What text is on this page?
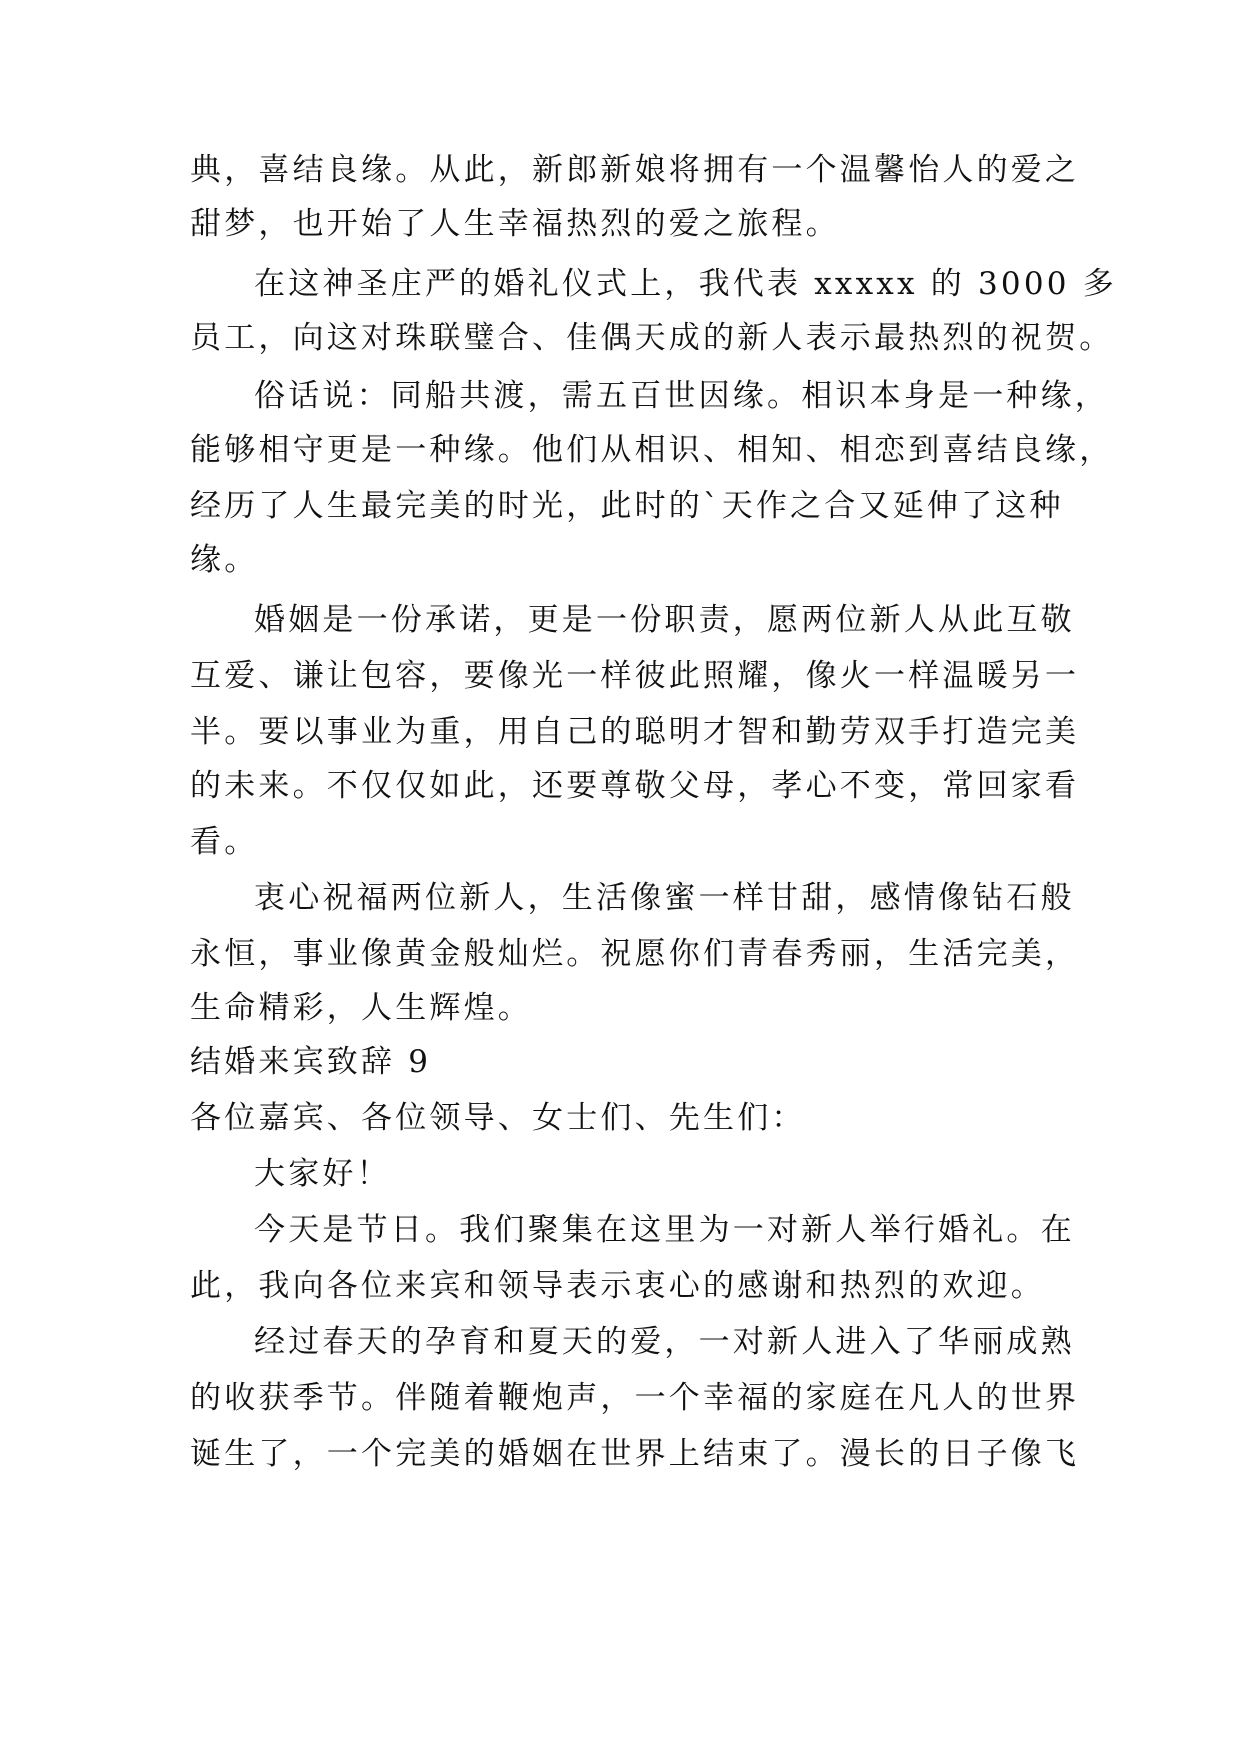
典，喜结良缘。从此，新郎新娘将拥有一个温馨怡人的爱之
甜梦，也开始了人生幸福热烈的爱之旅程。
在这神圣庄严的婚礼仪式上，我代表 xxxxx 的 3000 多
员工，向这对珠联璧合、佳偶天成的新人表示最热烈的祝贺。
俗话说：同船共渡，需五百世因缘。相识本身是一种缘，
能够相守更是一种缘。他们从相识、相知、相恋到喜结良缘，
经历了人生最完美的时光，此时的`天作之合又延伸了这种
缘。
婚姻是一份承诺，更是一份职责，愿两位新人从此互敬
互爱、谦让包容，要像光一样彼此照耀，像火一样温暖另一
半。要以事业为重，用自己的聪明才智和勤劳双手打造完美
的未来。不仅仅如此，还要尊敬父母，孝心不变，常回家看
看。
衷心祝福两位新人，生活像蜜一样甘甜，感情像钻石般
永恒，事业像黄金般灿烂。祝愿你们青春秀丽，生活完美，
生命精彩，人生辉煌。
结婚来宾致辞 9
各位嘉宾、各位领导、女士们、先生们：
大家好！
今天是节日。我们聚集在这里为一对新人举行婚礼。在
此，我向各位来宾和领导表示衷心的感谢和热烈的欢迎。
经过春天的孕育和夏天的爱，一对新人进入了华丽成熟
的收获季节。伴随着鞭炮声，一个幸福的家庭在凡人的世界
诞生了，一个完美的婚姻在世界上结束了。漫长的日子像飞
